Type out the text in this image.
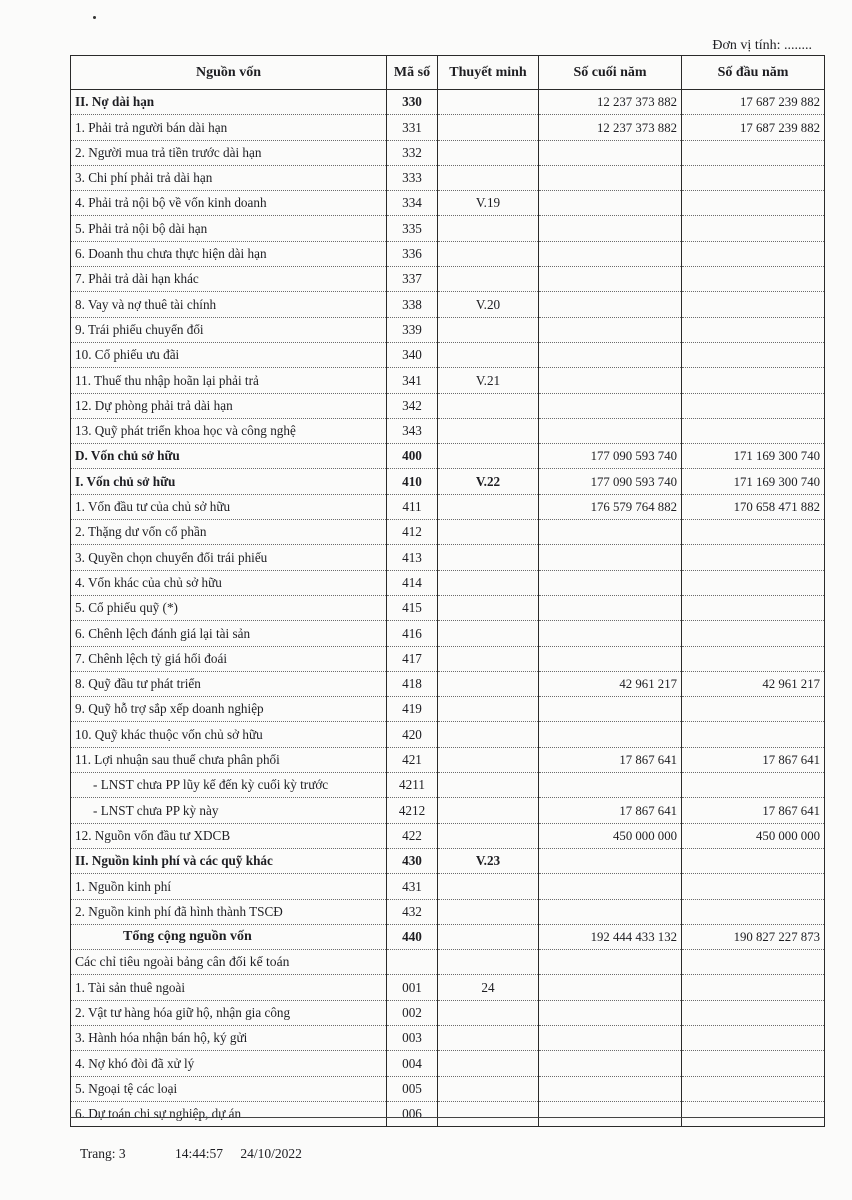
Đơn vị tính: ........
Nguồn vốn	Mã số	Thuyết minh	Số cuối năm	Số đầu năm
II. Nợ dài hạn	330		12 237 373 882	17 687 239 882
1. Phải trả người bán dài hạn	331		12 237 373 882	17 687 239 882
2. Người mua trả tiền trước dài hạn	332			
3. Chi phí phải trả dài hạn	333			
4. Phải trả nội bộ về vốn kinh doanh	334	V.19		
5. Phải trả nội bộ dài hạn	335			
6. Doanh thu chưa thực hiện dài hạn	336			
7. Phải trả dài hạn khác	337			
8. Vay và nợ thuê tài chính	338	V.20		
9. Trái phiếu chuyển đổi	339			
10. Cổ phiếu ưu đãi	340			
11. Thuế thu nhập hoãn lại phải trả	341	V.21		
12. Dự phòng phải trả dài hạn	342			
13. Quỹ phát triển khoa học và công nghệ	343			
D. Vốn chủ sở hữu	400		177 090 593 740	171 169 300 740
I. Vốn chủ sở hữu	410	V.22	177 090 593 740	171 169 300 740
1. Vốn đầu tư của chủ sở hữu	411		176 579 764 882	170 658 471 882
2. Thặng dư vốn cổ phần	412			
3. Quyền chọn chuyển đổi trái phiếu	413			
4. Vốn khác của chủ sở hữu	414			
5. Cổ phiếu quỹ (*)	415			
6. Chênh lệch đánh giá lại tài sản	416			
7. Chênh lệch tỷ giá hối đoái	417			
8. Quỹ đầu tư phát triển	418		42 961 217	42 961 217
9. Quỹ hỗ trợ sắp xếp doanh nghiệp	419			
10. Quỹ khác thuộc vốn chủ sở hữu	420			
11. Lợi nhuận sau thuế chưa phân phối	421		17 867 641	17 867 641
- LNST chưa PP lũy kế đến kỳ cuối kỳ trước	4211			
- LNST chưa PP kỳ này	4212		17 867 641	17 867 641
12. Nguồn vốn đầu tư XDCB	422		450 000 000	450 000 000
II. Nguồn kinh phí và các quỹ khác	430	V.23		
1. Nguồn kinh phí	431			
2. Nguồn kinh phí đã hình thành TSCĐ	432			
Tổng cộng nguồn vốn	440		192 444 433 132	190 827 227 873
Các chỉ tiêu ngoài bảng cân đối kế toán				
1. Tài sản thuê ngoài	001	24		
2. Vật tư hàng hóa giữ hộ, nhận gia công	002			
3. Hành hóa nhận bán hộ, ký gửi	003			
4. Nợ khó đòi đã xử lý	004			
5. Ngoại tệ các loại	005			
6. Dự toán chi sự nghiệp, dự án	006			
Trang: 3	14:44:57 24/10/2022
